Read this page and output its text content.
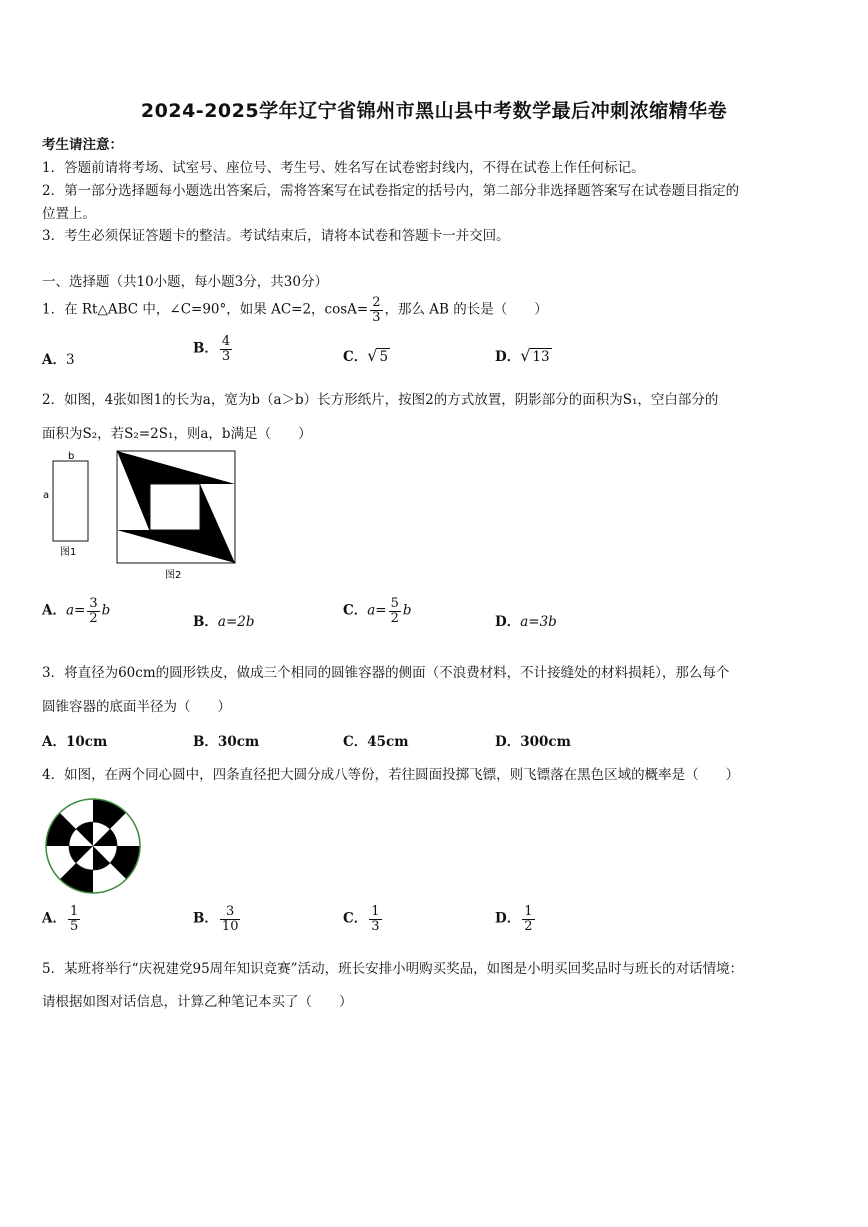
2024-2025学年辽宁省锦州市黑山县中考数学最后冲刺浓缩精华卷
考生请注意：
1．答题前请将考场、试室号、座位号、考生号、姓名写在试卷密封线内，不得在试卷上作任何标记。
2．第一部分选择题每小题选出答案后，需将答案写在试卷指定的括号内，第二部分非选择题答案写在试卷题目指定的
位置上。
3．考生必须保证答题卡的整洁。考试结束后，请将本试卷和答题卡一并交回。
一、选择题（共10小题，每小题3分，共30分）
1．在 Rt△ABC 中，∠C=90°，如果 AC=2，$\cos A= \frac{2}{3}$ ，那么 AB 的长是（　　）
A．3
B． $\frac{4}{3}$	C．√ 5	D．√ 13
2．如图，4张如图1的长为a，宽为b（a＞b）长方形纸片，按图2的方式放置，阴影部分的面积为S₁，空白部分的
面积为S₂，若S₂=2S₁，则a，b满足（　　）
b
a
图1
图2
A．$a= \frac{3}{2}$ b
B．a=2b
C．$a= \frac{5}{2}$ b
D．a=3b
3．将直径为60cm的圆形铁皮，做成三个相同的圆锥容器的侧面（不浪费材料，不计接缝处的材料损耗），那么每个
圆锥容器的底面半径为（　　）
A．10cm	B．30cm	C．45cm	D．300cm
4．如图，在两个同心圆中，四条直径把大圆分成八等份，若往圆面投掷飞镖，则飞镖落在黑色区域的概率是（　　）
A． $\frac{1}{5}$	B． $\frac{3}{10}$	C． $\frac{1}{3}$	D． $\frac{1}{2}$
5．某班将举行“庆祝建党95周年知识竞赛”活动，班长安排小明购买奖品，如图是小明买回奖品时与班长的对话情境：
请根据如图对话信息，计算乙种笔记本买了（　　）
